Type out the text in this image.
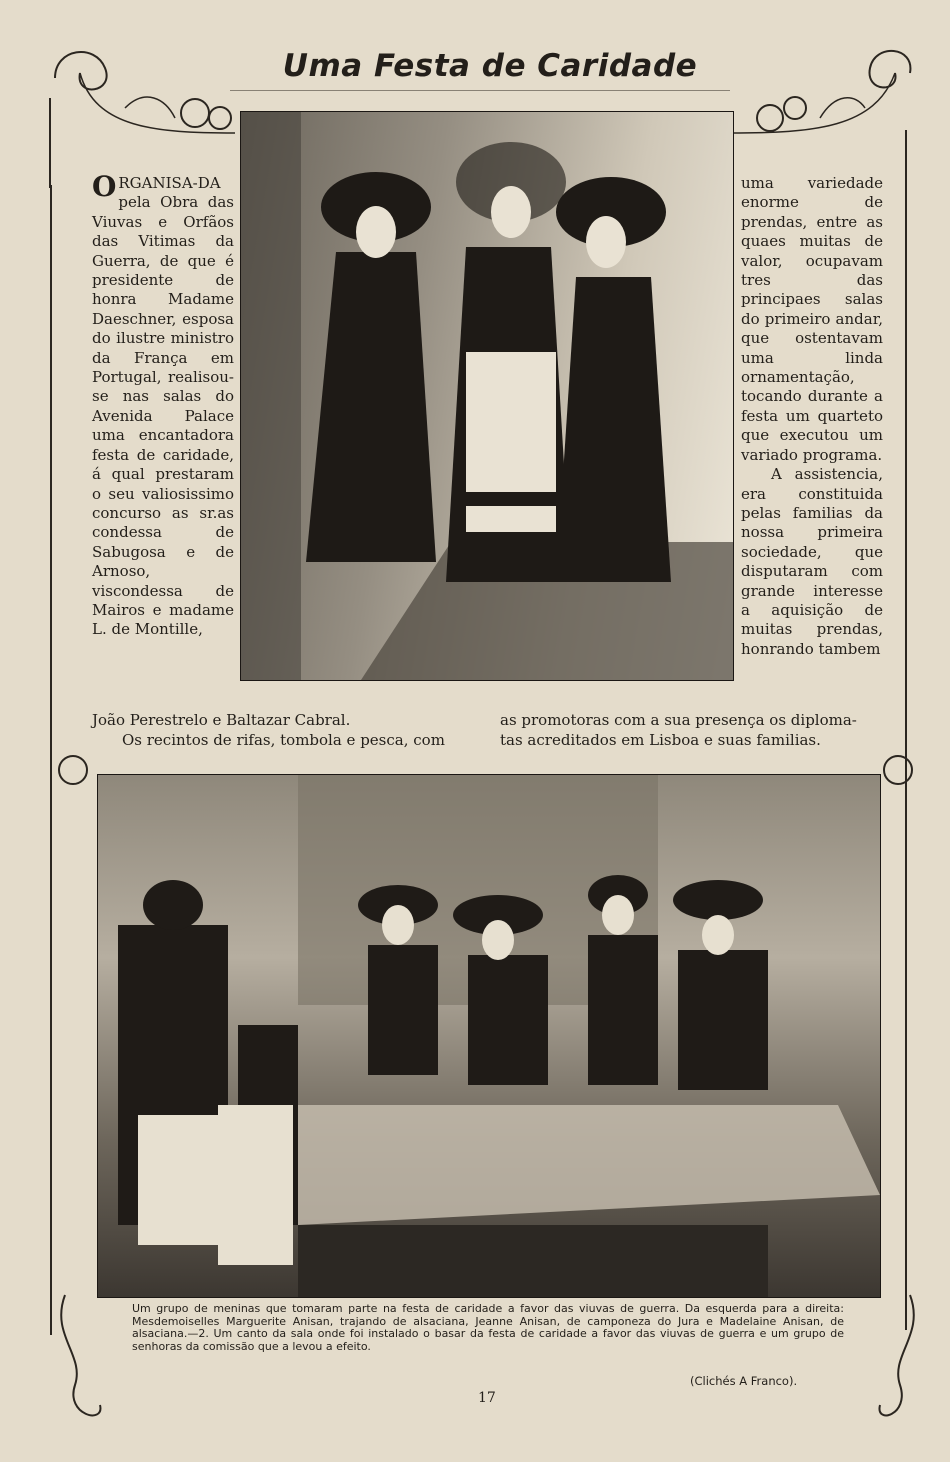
Uma Festa de Caridade

ORGANISA-DA pela Obra das Viuvas e Orfãos das Vitimas da Guerra, de que é presidente de honra Madame Daeschner, esposa do ilustre ministro da França em Portugal, realisou-se nas salas do Avenida Palace uma encantadora festa de caridade, á qual prestaram o seu valiosissimo concurso as sr.as condessa de Sabugosa e de Arnoso, viscondessa de Mairos e madame L. de Montille,

uma variedade enorme de prendas, entre as quaes muitas de valor, ocupavam tres das principaes salas do primeiro andar, que ostentavam uma linda ornamentação, tocando durante a festa um quarteto que executou um variado programa.

A assistencia, era constituida pelas familias da nossa primeira sociedade, que disputaram com grande interesse a aquisição de muitas prendas, honrando tambem

João Perestrelo e Baltazar Cabral.
Os recintos de rifas, tombola e pesca, com
as promotoras com a sua presença os diploma-
tas acreditados em Lisboa e suas familias.
Um grupo de meninas que tomaram parte na festa de caridade a favor das viuvas de guerra. Da esquerda para a direita: Mesdemoiselles Marguerite Anisan, trajando de alsaciana, Jeanne Anisan, de camponeza do Jura e Madelaine Anisan, de alsaciana.—2. Um canto da sala onde foi instalado o basar da festa de caridade a favor das viuvas de guerra e um grupo de senhoras da comissão que a levou a efeito.
(Clichés A Franco).
17
